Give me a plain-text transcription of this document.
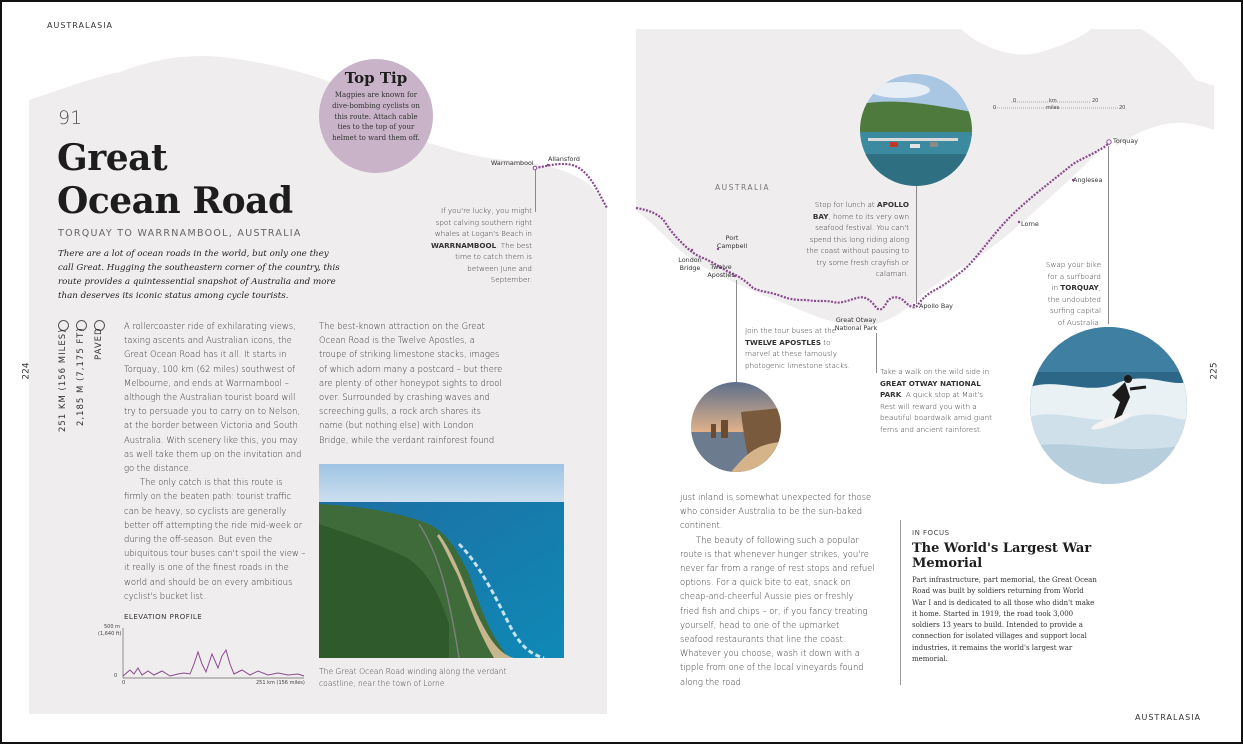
AUSTRALASIA
224
91
Great
Ocean Road
TORQUAY TO WARRNAMBOOL, AUSTRALIA
There are a lot of ocean roads in the world, but only one they call Great. Hugging the southeastern corner of the country, this route provides a quintessential snapshot of Australia and more than deserves its iconic status among cycle tourists.
251 KM (156 MILES) 2,185 M (7,175 FT) PAVED

A rollercoaster ride of exhilarating views, taxing ascents and Australian icons, the Great Ocean Road has it all. It starts in Torquay, 100 km (62 miles) southwest of Melbourne, and ends at Warrnambool – although the Australian tourist board will try to persuade you to carry on to Nelson, at the border between Victoria and South Australia. With scenery like this, you may as well take them up on the invitation and go the distance.

The only catch is that this route is firmly on the beaten path: tourist traffic can be heavy, so cyclists are generally better off attempting the ride mid-week or during the off-season. But even the ubiquitous tour buses can't spoil the view – it really is one of the finest roads in the world and should be on every ambitious cyclist's bucket list.

The best-known attraction on the Great Ocean Road is the Twelve Apostles, a troupe of striking limestone stacks, images of which adorn many a postcard – but there are plenty of other honeypot sights to drool over. Surrounded by crashing waves and screeching gulls, a rock arch shares its name (but nothing else) with London Bridge, while the verdant rainforest found

Top Tip
Magpies are known for dive-bombing cyclists on this route. Attach cable ties to the top of your helmet to ward them off.
Warrnambool Allansford
If you're lucky, you might spot calving southern right whales at Logan's Beach in WARRNAMBOOL. The best time to catch them is between June and September.
The Great Ocean Road winding along the verdant coastline, near the town of Lorne
ELEVATION PROFILE
500 m
(1,640 ft)
0
0	251 km (156 miles)
AUSTRALASIA
225
AUSTRALIA
Torquay
Anglesea
Lorne
Apollo Bay
Great Otway
National Park
Port
Campbell
London
Bridge	Twelve
Apostles
0	km	20
0	miles	20
Stop for lunch at APOLLO BAY, home to its very own seafood festival. You can't spend this long riding along the coast without pausing to try some fresh crayfish or calamari.
Join the tour buses at the TWELVE APOSTLES to marvel at these famously photogenic limestone stacks.
Take a walk on the wild side in GREAT OTWAY NATIONAL PARK. A quick stop at Mait's Rest will reward you with a beautiful boardwalk amid giant ferns and ancient rainforest.
Swap your bike for a surfboard in TORQUAY, the undoubted surfing capital of Australia.

just inland is somewhat unexpected for those who consider Australia to be the sun-baked continent.

The beauty of following such a popular route is that whenever hunger strikes, you're never far from a range of rest stops and refuel options. For a quick bite to eat, snack on cheap-and-cheerful Aussie pies or freshly fried fish and chips – or, if you fancy treating yourself, head to one of the upmarket seafood restaurants that line the coast. Whatever you choose, wash it down with a tipple from one of the local vineyards found along the road.

IN FOCUS
The World's Largest War Memorial
Part infrastructure, part memorial, the Great Ocean Road was built by soldiers returning from World War I and is dedicated to all those who didn't make it home. Started in 1919, the road took 3,000 soldiers 13 years to build. Intended to provide a connection for isolated villages and support local industries, it remains the world's largest war memorial.
